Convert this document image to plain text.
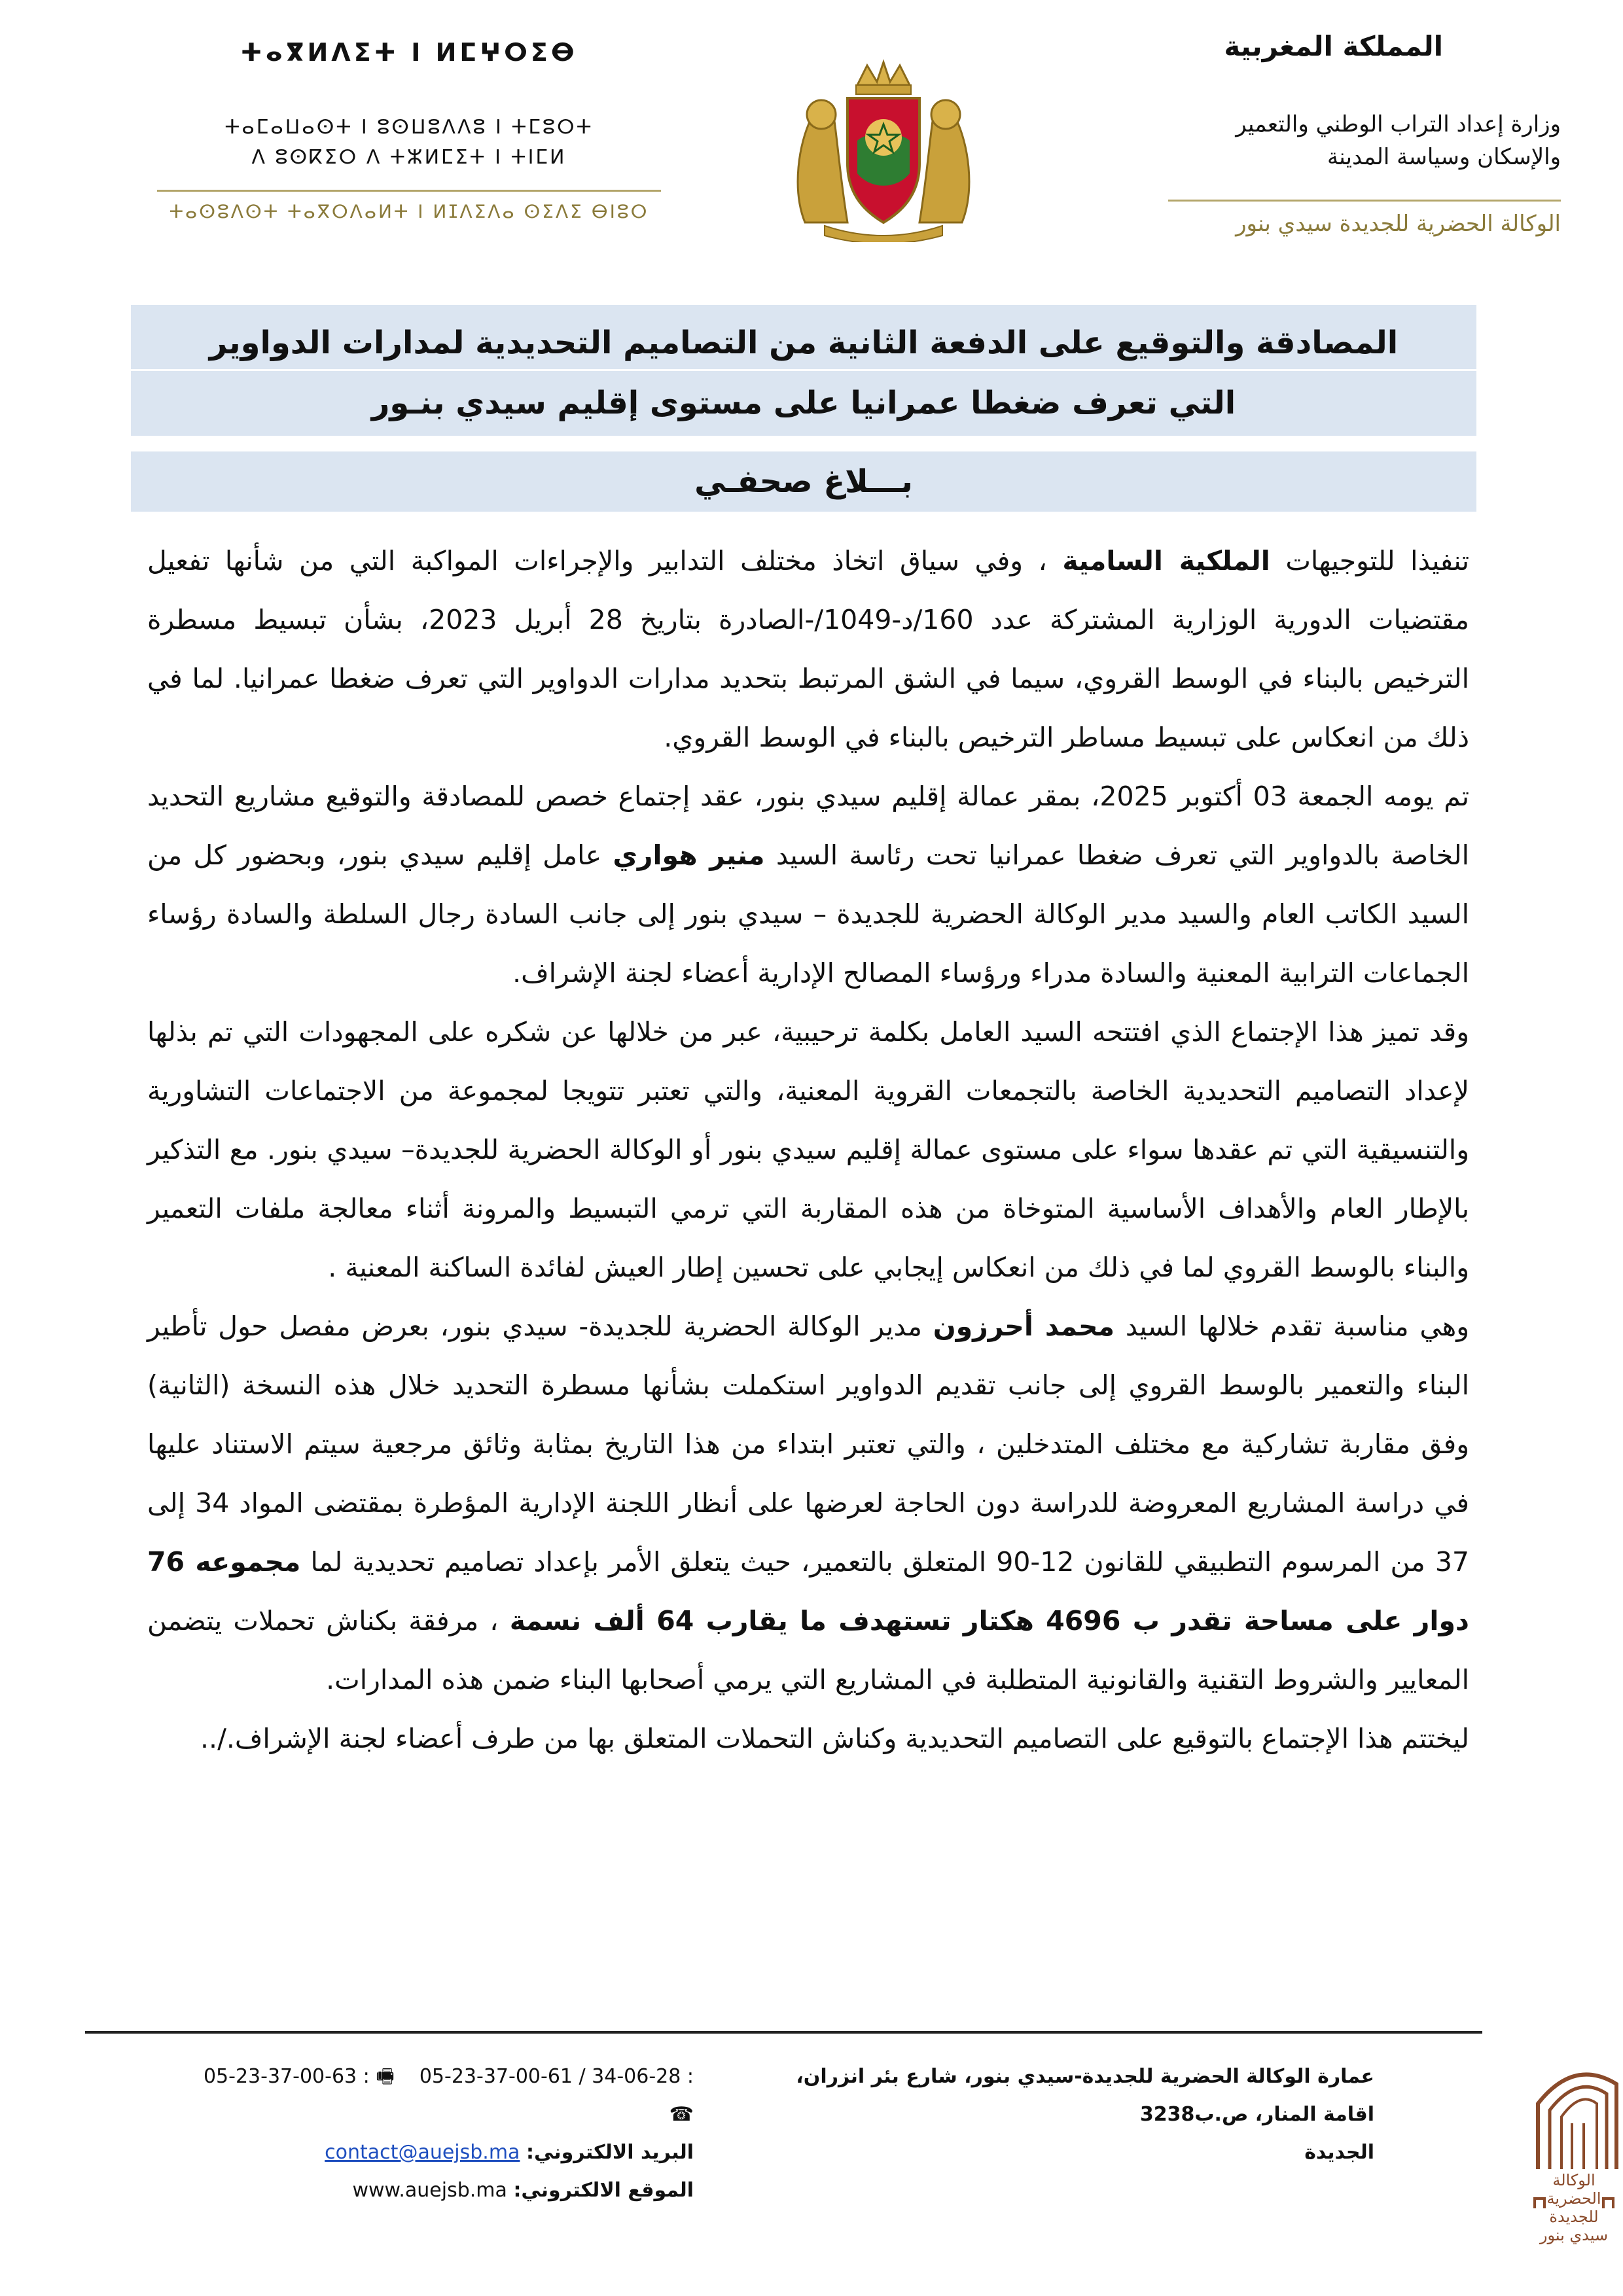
المملكة المغربية
وزارة إعداد التراب الوطني والتعمير
والإسكان وسياسة المدينة
الوكالة الحضرية للجديدة سيدي بنور
ⵜⴰⴳⵍⴷⵉⵜ ⵏ ⵍⵎⵖⵔⵉⴱ
ⵜⴰⵎⴰⵡⴰⵙⵜ ⵏ ⵓⵙⵡⵓⴷⴷⵓ ⵏ ⵜⵎⵓⵔⵜ
ⴷ ⵓⵙⴽⵉⵔ ⴷ ⵜⵣⵍⵎⵉⵜ ⵏ ⵜⵏⵎⵍ
ⵜⴰⵙⵓⴷⵙⵜ ⵜⴰⴳⵔⴷⴰⵍⵜ ⵏ ⵍⵊⴷⵉⴷⴰ ⵙⵉⴷⵉ ⴱⵏⵓⵔ
المصادقة والتوقيع على الدفعة الثانية من التصاميم التحديدية لمدارات الدواوير
التي تعرف ضغطا عمرانيا على مستوى إقليم سيدي بنـور
بـــلاغ صحفـي

تنفيذا للتوجيهات الملكية السامية ، وفي سياق اتخاذ مختلف التدابير والإجراءات المواكبة التي من شأنها تفعيل مقتضيات الدورية الوزارية المشتركة عدد 160/د-1049/-الصادرة بتاريخ 28 أبريل 2023، بشأن تبسيط مسطرة الترخيص بالبناء في الوسط القروي، سيما في الشق المرتبط بتحديد مدارات الدواوير التي تعرف ضغطا عمرانيا. لما في ذلك من انعكاس على تبسيط مساطر الترخيص بالبناء في الوسط القروي.

تم يومه الجمعة 03 أكتوبر 2025، بمقر عمالة إقليم سيدي بنور، عقد إجتماع خصص للمصادقة والتوقيع مشاريع التحديد الخاصة بالدواوير التي تعرف ضغطا عمرانيا تحت رئاسة السيد منير هواري عامل إقليم سيدي بنور، وبحضور كل من السيد الكاتب العام والسيد مدير الوكالة الحضرية للجديدة – سيدي بنور إلى جانب السادة رجال السلطة والسادة رؤساء الجماعات الترابية المعنية والسادة مدراء ورؤساء المصالح الإدارية أعضاء لجنة الإشراف.

وقد تميز هذا الإجتماع الذي افتتحه السيد العامل بكلمة ترحيبية، عبر من خلالها عن شكره على المجهودات التي تم بذلها لإعداد التصاميم التحديدية الخاصة بالتجمعات القروية المعنية، والتي تعتبر تتويجا لمجموعة من الاجتماعات التشاورية والتنسيقية التي تم عقدها سواء على مستوى عمالة إقليم سيدي بنور أو الوكالة الحضرية للجديدة– سيدي بنور. مع التذكير بالإطار العام والأهداف الأساسية المتوخاة من هذه المقاربة التي ترمي التبسيط والمرونة أثناء معالجة ملفات التعمير والبناء بالوسط القروي لما في ذلك من انعكاس إيجابي على تحسين إطار العيش لفائدة الساكنة المعنية .

وهي مناسبة تقدم خلالها السيد محمد أحرزون مدير الوكالة الحضرية للجديدة- سيدي بنور، بعرض مفصل حول تأطير البناء والتعمير بالوسط القروي إلى جانب تقديم الدواوير استكملت بشأنها مسطرة التحديد خلال هذه النسخة (الثانية) وفق مقاربة تشاركية مع مختلف المتدخلين ، والتي تعتبر ابتداء من هذا التاريخ بمثابة وثائق مرجعية سيتم الاستناد عليها في دراسة المشاريع المعروضة للدراسة دون الحاجة لعرضها على أنظار اللجنة الإدارية المؤطرة بمقتضى المواد 34 إلى 37 من المرسوم التطبيقي للقانون 12-90 المتعلق بالتعمير، حيث يتعلق الأمر بإعداد تصاميم تحديدية لما مجموعه 76 دوار على مساحة تقدر ب 4696 هكتار تستهدف ما يقارب 64 ألف نسمة ، مرفقة بكناش تحملات يتضمن المعايير والشروط التقنية والقانونية المتطلبة في المشاريع التي يرمي أصحابها البناء ضمن هذه المدارات.

ليختتم هذا الإجتماع بالتوقيع على التصاميم التحديدية وكناش التحملات المتعلق بها من طرف أعضاء لجنة الإشراف./..

عمارة الوكالة الحضرية للجديدة-سيدي بنور، شارع بئر انزران،
اقامة المنار، ص.ب3238
الجديدة
05-23-37-00-63 : 🖷 05-23-37-00-61 / 34-06-28 : ☎
البريد الالكتروني: contact@auejsb.ma
الموقع الالكتروني: www.auejsb.ma	الوكالة الحضرية
للجديدة
سيدي بنور
